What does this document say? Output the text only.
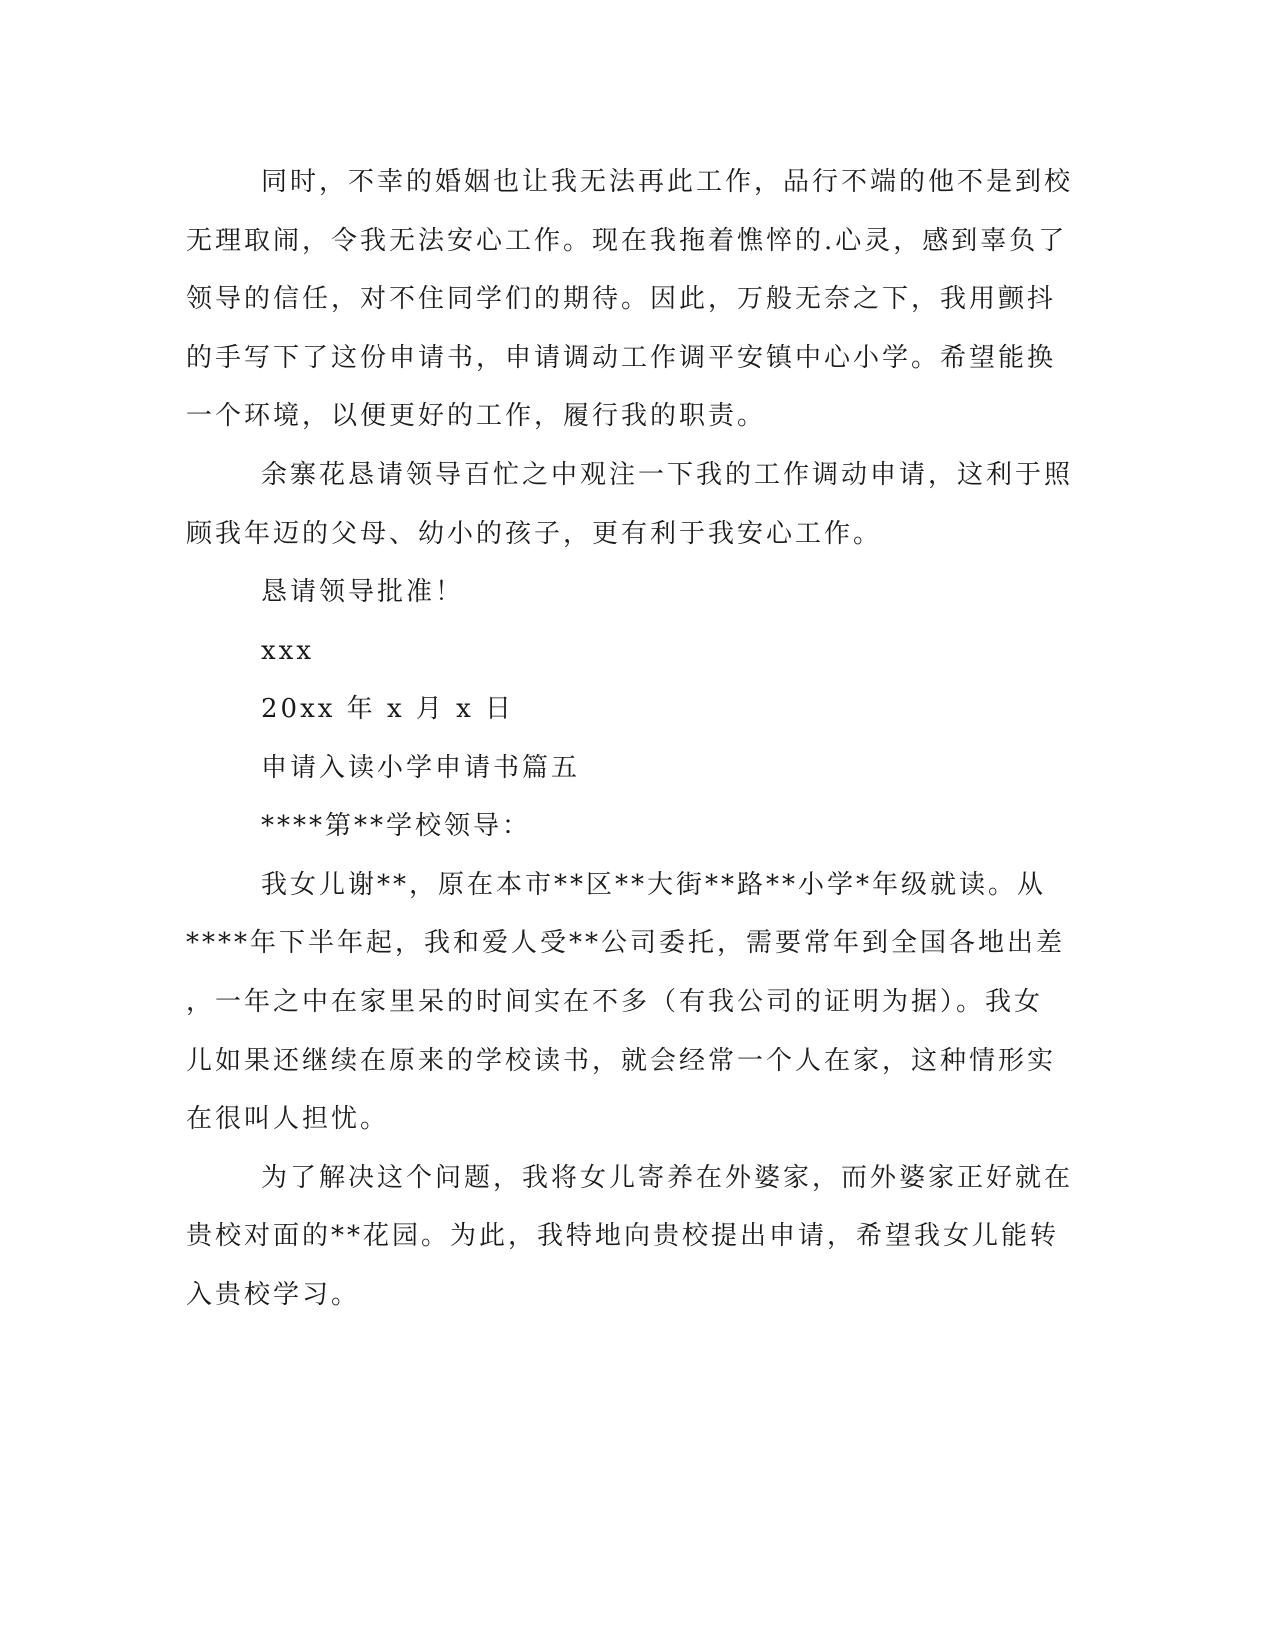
同时，不幸的婚姻也让我无法再此工作，品行不端的他不是到校

无理取闹，令我无法安心工作。现在我拖着憔悴的.心灵，感到辜负了

领导的信任，对不住同学们的期待。因此，万般无奈之下，我用颤抖

的手写下了这份申请书，申请调动工作调平安镇中心小学。希望能换

一个环境，以便更好的工作，履行我的职责。

余寨花恳请领导百忙之中观注一下我的工作调动申请，这利于照

顾我年迈的父母、幼小的孩子，更有利于我安心工作。

恳请领导批准！

xxx

20xx 年 x 月 x 日

申请入读小学申请书篇五

****第**学校领导：

我女儿谢**，原在本市**区**大街**路**小学*年级就读。从

****年下半年起，我和爱人受**公司委托，需要常年到全国各地出差

，一年之中在家里呆的时间实在不多（有我公司的证明为据）。我女

儿如果还继续在原来的学校读书，就会经常一个人在家，这种情形实

在很叫人担忧。

为了解决这个问题，我将女儿寄养在外婆家，而外婆家正好就在

贵校对面的**花园。为此，我特地向贵校提出申请，希望我女儿能转

入贵校学习。
